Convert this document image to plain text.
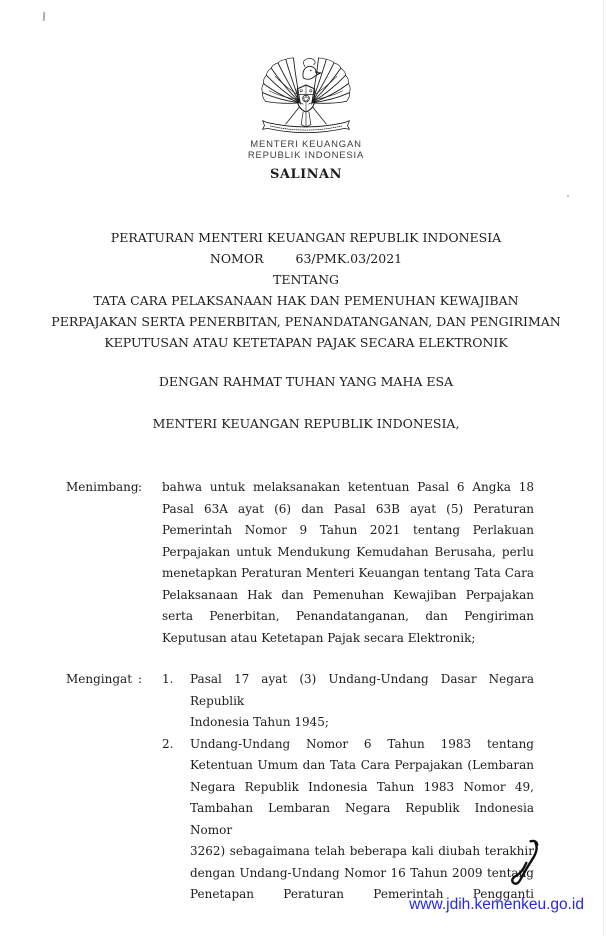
MENTERI KEUANGAN
REPUBLIK INDONESIA
SALINAN
PERATURAN MENTERI KEUANGAN REPUBLIK INDONESIA
NOMOR	63/PMK.03/2021
TENTANG
TATA CARA PELAKSANAAN HAK DAN PEMENUHAN KEWAJIBAN
PERPAJAKAN SERTA PENERBITAN, PENANDATANGANAN, DAN PENGIRIMAN
KEPUTUSAN ATAU KETETAPAN PAJAK SECARA ELEKTRONIK
DENGAN RAHMAT TUHAN YANG MAHA ESA
MENTERI KEUANGAN REPUBLIK INDONESIA,
Menimbang :	bahwa untuk melaksanakan ketentuan Pasal 6 Angka 18
Pasal 63A ayat (6) dan Pasal 63B ayat (5) Peraturan
Pemerintah Nomor 9 Tahun 2021 tentang Perlakuan
Perpajakan untuk Mendukung Kemudahan Berusaha, perlu
menetapkan Peraturan Menteri Keuangan tentang Tata Cara
Pelaksanaan Hak dan Pemenuhan Kewajiban Perpajakan
serta Penerbitan, Penandatanganan, dan Pengiriman
Keputusan atau Ketetapan Pajak secara Elektronik;
Mengingat :	1.	Pasal 17 ayat (3) Undang-Undang Dasar Negara Republik
Indonesia Tahun 1945;
2.	Undang-Undang Nomor 6 Tahun 1983 tentang
Ketentuan Umum dan Tata Cara Perpajakan (Lembaran
Negara Republik Indonesia Tahun 1983 Nomor 49,
Tambahan Lembaran Negara Republik Indonesia Nomor
3262) sebagaimana telah beberapa kali diubah terakhir
dengan Undang-Undang Nomor 16 Tahun 2009 tentang
Penetapan Peraturan Pemerintah Pengganti
www.jdih.kemenkeu.go.id
